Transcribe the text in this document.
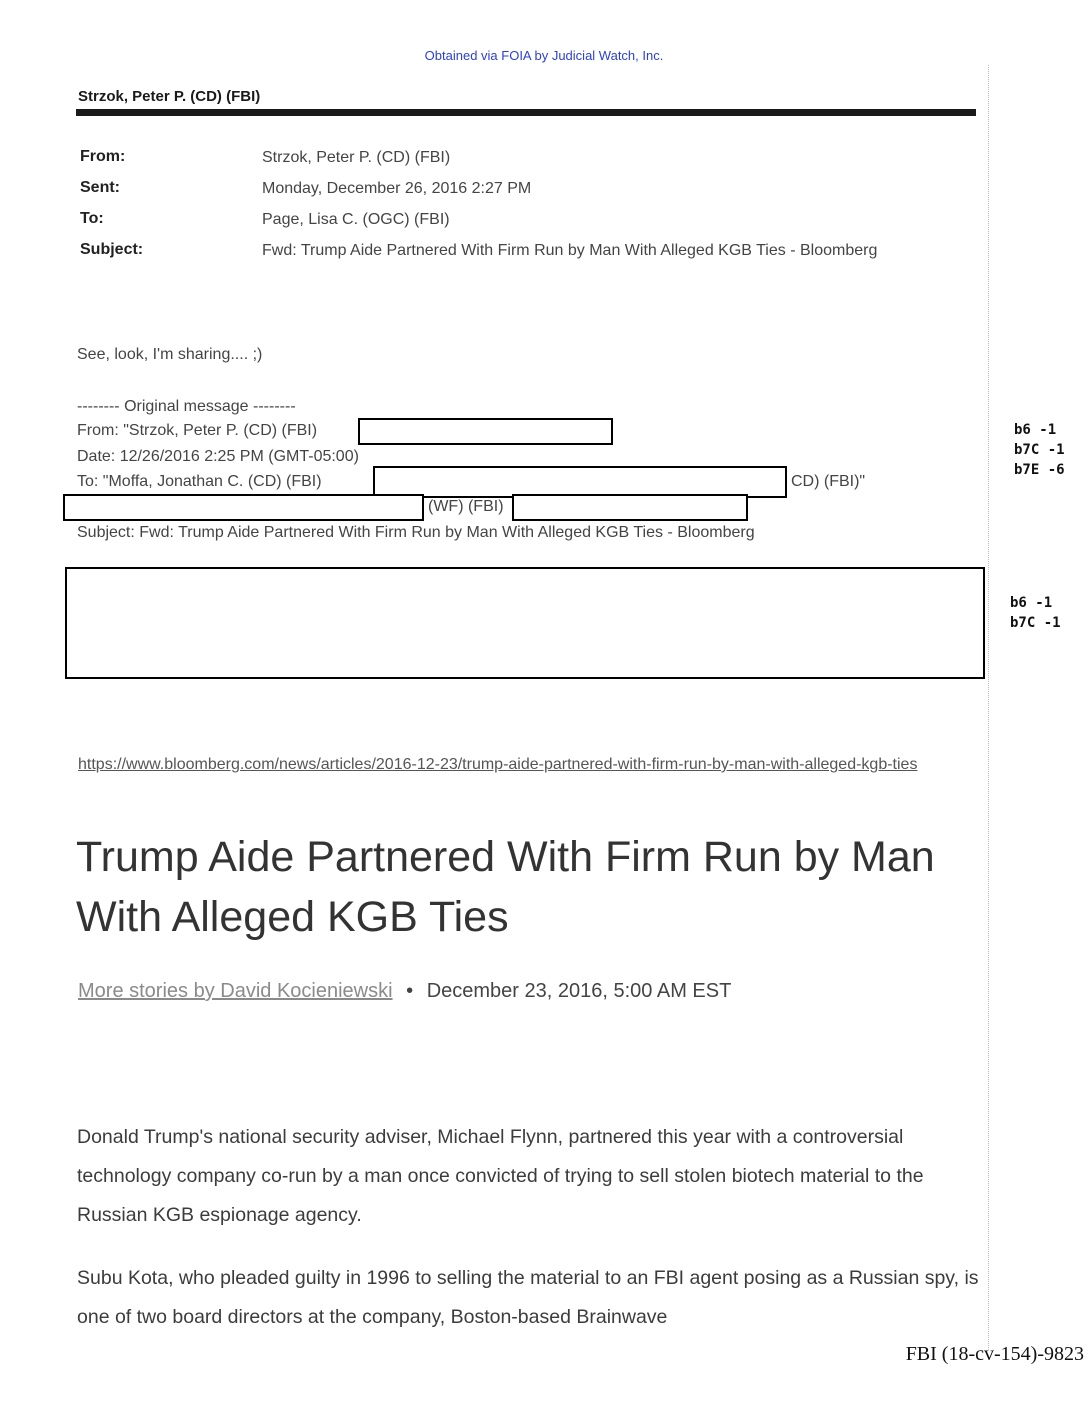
Obtained via FOIA by Judicial Watch, Inc.
Strzok, Peter P. (CD) (FBI)
From:	Strzok, Peter P. (CD) (FBI)
Sent:	Monday, December 26, 2016 2:27 PM
To:	Page, Lisa C. (OGC) (FBI)
Subject:	Fwd: Trump Aide Partnered With Firm Run by Man With Alleged KGB Ties - Bloomberg
See, look, I'm sharing.... ;)
-------- Original message --------
From: "Strzok, Peter P. (CD) (FBI)
Date: 12/26/2016 2:25 PM (GMT-05:00)
To: "Moffa, Jonathan C. (CD) (FBI)	CD) (FBI)"
(WF) (FBI)
Subject: Fwd: Trump Aide Partnered With Firm Run by Man With Alleged KGB Ties - Bloomberg
b6 -1
b7C -1
b7E -6
b6 -1
b7C -1
https://www.bloomberg.com/news/articles/2016-12-23/trump-aide-partnered-with-firm-run-by-man-with-alleged-kgb-ties
Trump Aide Partnered With Firm Run by Man With Alleged KGB Ties
More stories by David Kocieniewski • December 23, 2016, 5:00 AM EST
Donald Trump's national security adviser, Michael Flynn, partnered this year with a controversial technology company co-run by a man once convicted of trying to sell stolen biotech material to the Russian KGB espionage agency.
Subu Kota, who pleaded guilty in 1996 to selling the material to an FBI agent posing as a Russian spy, is one of two board directors at the company, Boston-based Brainwave
FBI (18-cv-154)-9823
